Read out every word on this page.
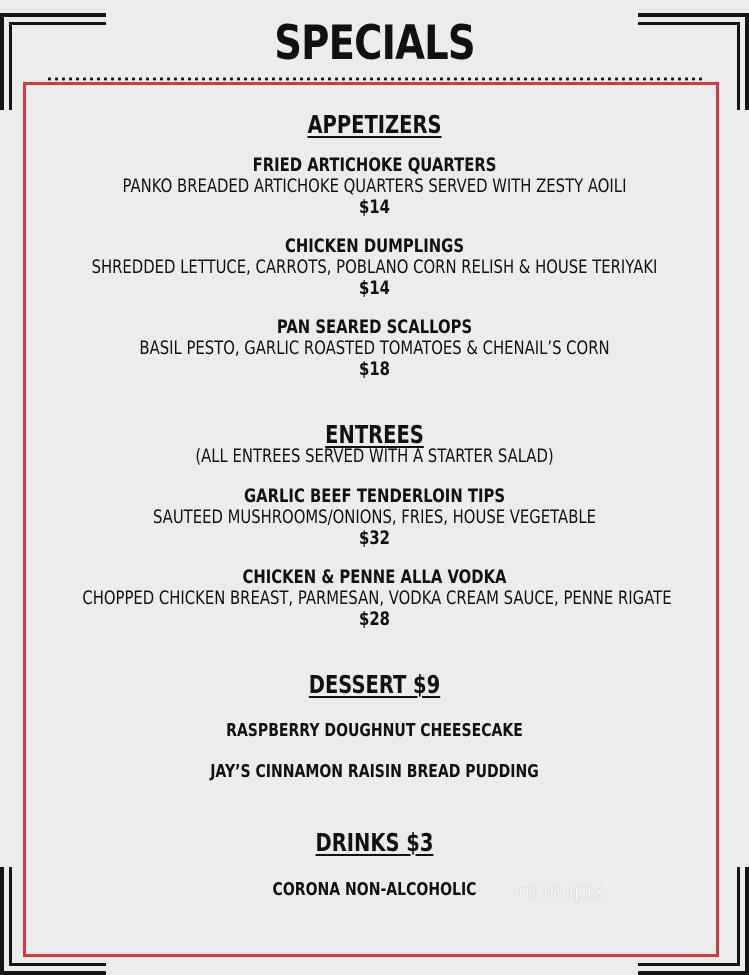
SPECIALS
APPETIZERS
FRIED ARTICHOKE QUARTERS
PANKO BREADED ARTICHOKE QUARTERS SERVED WITH ZESTY AOILI
$14
CHICKEN DUMPLINGS
SHREDDED LETTUCE, CARROTS, POBLANO CORN RELISH & HOUSE TERIYAKI
$14
PAN SEARED SCALLOPS
BASIL PESTO, GARLIC ROASTED TOMATOES & CHENAIL’S CORN
$18
ENTREES
(ALL ENTREES SERVED WITH A STARTER SALAD)
GARLIC BEEF TENDERLOIN TIPS
SAUTEED MUSHROOMS/ONIONS, FRIES, HOUSE VEGETABLE
$32
CHICKEN & PENNE ALLA VODKA
CHOPPED CHICKEN BREAST, PARMESAN, VODKA CREAM SAUCE, PENNE RIGATE
$28
DESSERT $9
RASPBERRY DOUGHNUT CHEESECAKE
JAY’S CINNAMON RAISIN BREAD PUDDING
DRINKS $3
CORONA NON-ALCOHOLIC	menupix
